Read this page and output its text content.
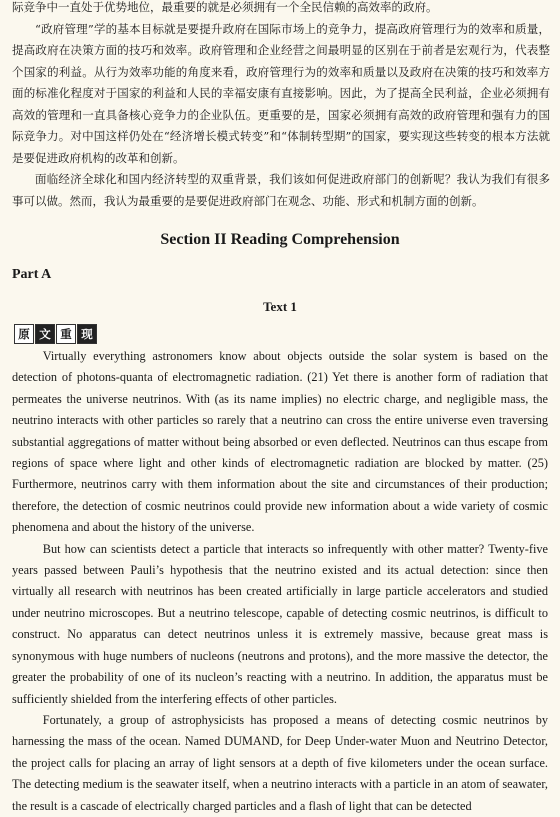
际竞争中一直处于优势地位，最重要的就是必须拥有一个全民信赖的高效率的政府。

“政府管理”学的基本目标就是要提升政府在国际市场上的竞争力，提高政府管理行为的效率和质量，提高政府在决策方面的技巧和效率。政府管理和企业经营之间最明显的区别在于前者是宏观行为，代表整个国家的利益。从行为效率功能的角度来看，政府管理行为的效率和质量以及政府在决策的技巧和效率方面的标准化程度对于国家的利益和人民的幸福安康有直接影响。因此，为了提高全民利益，企业必须拥有高效的管理和一直具备核心竞争力的企业队伍。更重要的是，国家必须拥有高效的政府管理和强有力的国际竞争力。对中国这样仍处在“经济增长模式转变”和“体制转型期”的国家，要实现这些转变的根本方法就是要促进政府机构的改革和创新。

面临经济全球化和国内经济转型的双重背景，我们该如何促进政府部门的创新呢？我认为我们有很多事可以做。然而，我认为最重要的是要促进政府部门在观念、功能、形式和机制方面的创新。

Section II Reading Comprehension
Part A
Text 1
原 文 重 现

Virtually everything astronomers know about objects outside the solar system is based on the detection of photons-quanta of electromagnetic radiation. (21) Yet there is another form of radiation that permeates the universe neutrinos. With (as its name implies) no electric charge, and negligible mass, the neutrino interacts with other particles so rarely that a neutrino can cross the entire universe even traversing substantial aggregations of matter without being absorbed or even deflected. Neutrinos can thus escape from regions of space where light and other kinds of electromagnetic radiation are blocked by matter. (25) Furthermore, neutrinos carry with them information about the site and circumstances of their production; therefore, the detection of cosmic neutrinos could provide new information about a wide variety of cosmic phenomena and about the history of the universe.

But how can scientists detect a particle that interacts so infrequently with other matter? Twenty-five years passed between Pauli’s hypothesis that the neutrino existed and its actual detection: since then virtually all research with neutrinos has been created artificially in large particle accelerators and studied under neutrino microscopes. But a neutrino telescope, capable of detecting cosmic neutrinos, is difficult to construct. No apparatus can detect neutrinos unless it is extremely massive, because great mass is synonymous with huge numbers of nucleons (neutrons and protons), and the more massive the detector, the greater the probability of one of its nucleon’s reacting with a neutrino. In addition, the apparatus must be sufficiently shielded from the interfering effects of other particles.

Fortunately, a group of astrophysicists has proposed a means of detecting cosmic neutrinos by harnessing the mass of the ocean. Named DUMAND, for Deep Under-water Muon and Neutrino Detector, the project calls for placing an array of light sensors at a depth of five kilometers under the ocean surface. The detecting medium is the seawater itself, when a neutrino interacts with a particle in an atom of seawater, the result is a cascade of electrically charged particles and a flash of light that can be detected
